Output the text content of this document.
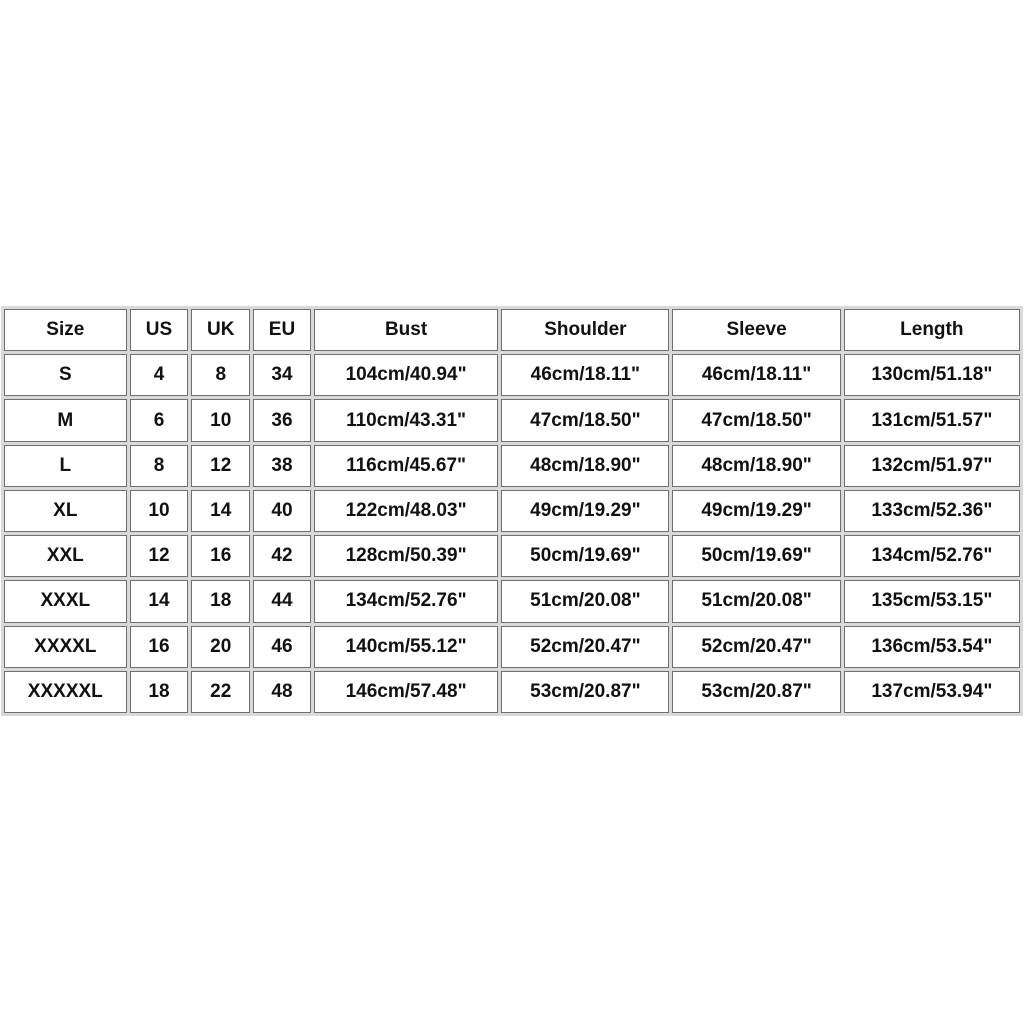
Size	US	UK	EU	Bust	Shoulder	Sleeve	Length
S	4	8	34	104cm/40.94"	46cm/18.11"	46cm/18.11"	130cm/51.18"
M	6	10	36	110cm/43.31"	47cm/18.50"	47cm/18.50"	131cm/51.57"
L	8	12	38	116cm/45.67"	48cm/18.90"	48cm/18.90"	132cm/51.97"
XL	10	14	40	122cm/48.03"	49cm/19.29"	49cm/19.29"	133cm/52.36"
XXL	12	16	42	128cm/50.39"	50cm/19.69"	50cm/19.69"	134cm/52.76"
XXXL	14	18	44	134cm/52.76"	51cm/20.08"	51cm/20.08"	135cm/53.15"
XXXXL	16	20	46	140cm/55.12"	52cm/20.47"	52cm/20.47"	136cm/53.54"
XXXXXL	18	22	48	146cm/57.48"	53cm/20.87"	53cm/20.87"	137cm/53.94"
